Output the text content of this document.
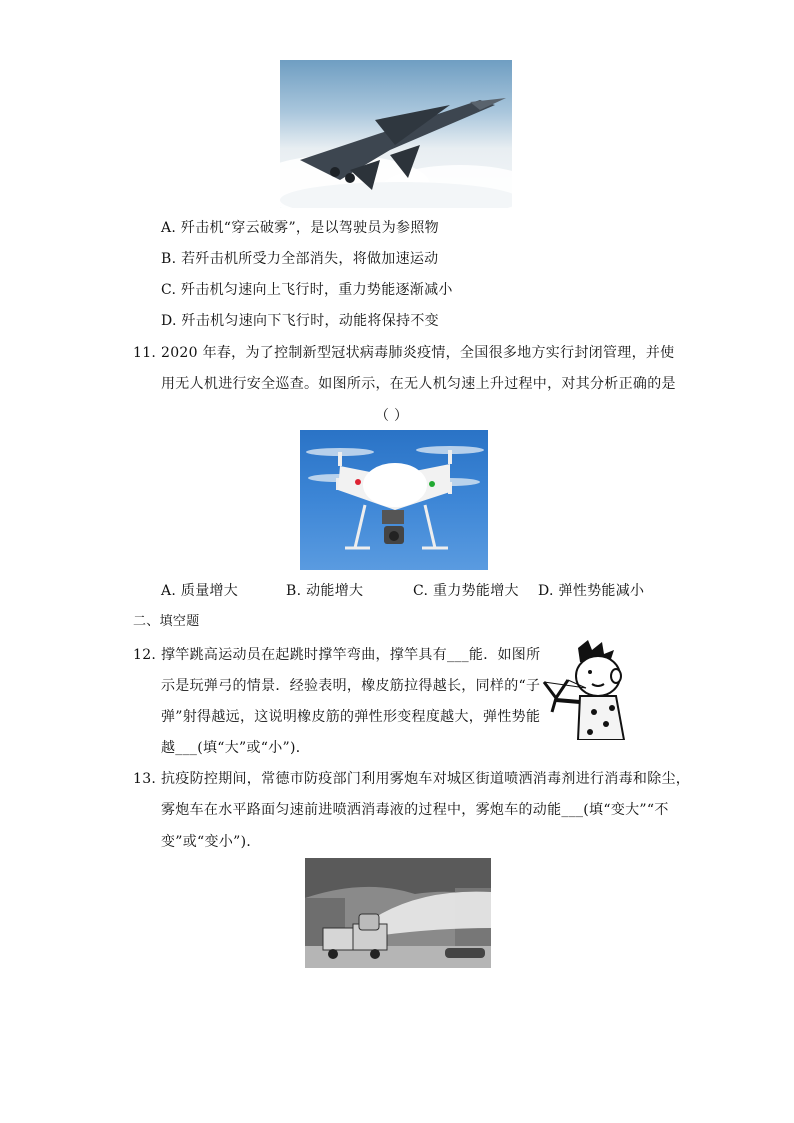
A. 歼击机“穿云破雾”，是以驾驶员为参照物
B. 若歼击机所受力全部消失，将做加速运动
C. 歼击机匀速向上飞行时，重力势能逐渐减小
D. 歼击机匀速向下飞行时，动能将保持不变
11. 2020 年春，为了控制新型冠状病毒肺炎疫情，全国很多地方实行封闭管理，并使
用无人机进行安全巡查。如图所示，在无人机匀速上升过程中，对其分析正确的是
（ ）
A. 质量增大	B. 动能增大	C. 重力势能增大 D. 弹性势能减小
二、填空题
12. 撑竿跳高运动员在起跳时撑竿弯曲，撑竿具有___能．如图所
示是玩弹弓的情景．经验表明，橡皮筋拉得越长，同样的“子
弹”射得越远，这说明橡皮筋的弹性形变程度越大，弹性势能
越___(填“大”或“小”)．
13. 抗疫防控期间，常德市防疫部门利用雾炮车对城区街道喷洒消毒剂进行消毒和除尘，
雾炮车在水平路面匀速前进喷洒消毒液的过程中，雾炮车的动能___(填“变大”“不
变”或“变小”)．
